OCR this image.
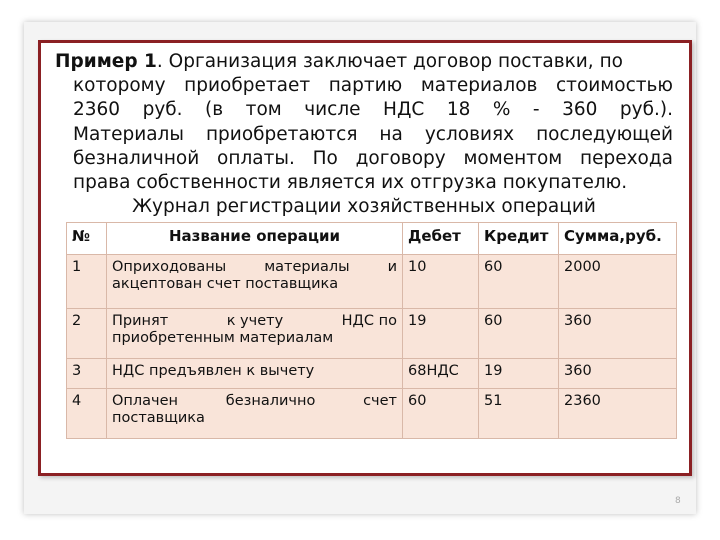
Пример 1. Организация заключает договор поставки, по
которому приобретает партию материалов стоимостью
2360 руб. (в том числе НДС 18 % - 360 руб.).
Материалы приобретаются на условиях последующей
безналичной оплаты. По договору моментом перехода
права собственности является их отгрузка покупателю.
Журнал регистрации хозяйственных операций
№	Название операции	Дебет	Кредит	Сумма,руб.
1	Оприходованы материалы и
акцептован счет поставщика	10	60	2000
2	Принят к учету НДС по
приобретенным материалам	19	60	360
3	НДС предъявлен к вычету	68НДС	19	360
4	Оплачен безналично счет
поставщика	60	51	2360
8
